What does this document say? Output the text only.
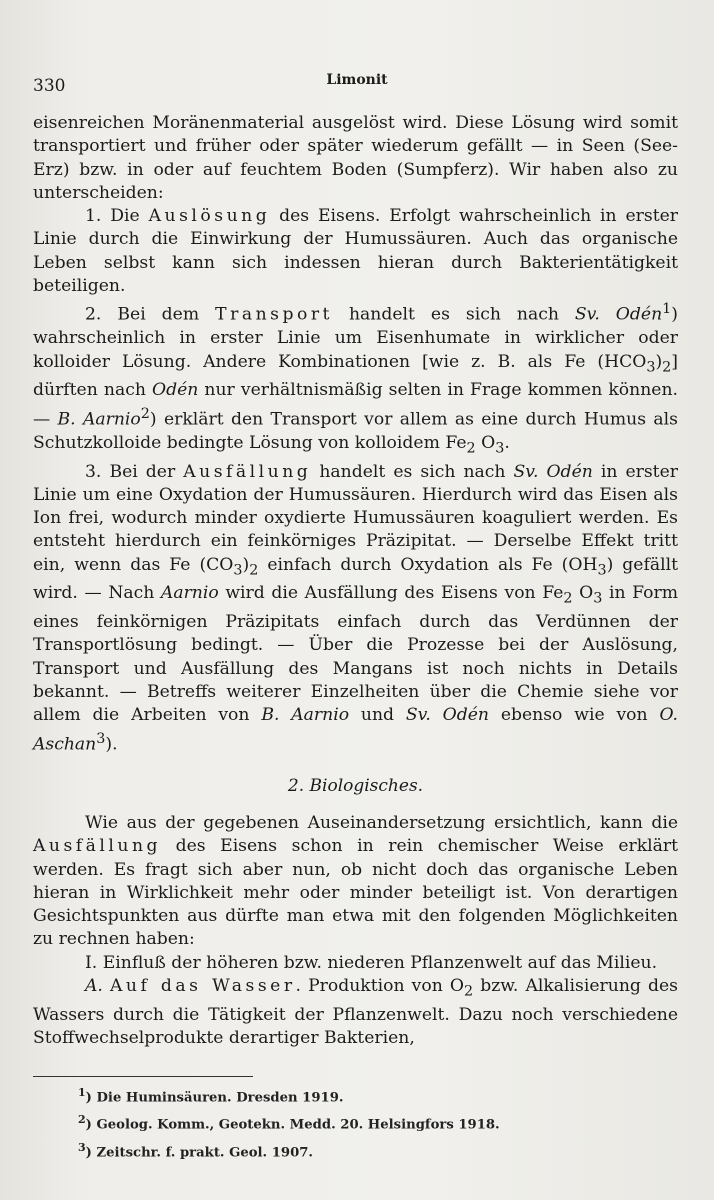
330	Limonit

eisenreichen Moränenmaterial ausgelöst wird. Diese Lösung wird somit transportiert und früher oder später wiederum gefällt — in Seen (See-Erz) bzw. in oder auf feuchtem Boden (Sumpferz). Wir haben also zu unterscheiden:

1. Die Auslösung des Eisens. Erfolgt wahrscheinlich in erster Linie durch die Einwirkung der Humussäuren. Auch das organische Leben selbst kann sich indessen hieran durch Bakterientätigkeit beteiligen.

2. Bei dem Transport handelt es sich nach Sv. Odén$^1$) wahrscheinlich in erster Linie um Eisenhumate in wirklicher oder kolloider Lösung. Andere Kombinationen [wie z. B. als Fe $(HCO_3)_2$] dürften nach Odén nur verhältnismäßig selten in Frage kommen können. — B. Aarnio$^2$) erklärt den Transport vor allem as eine durch Humus als Schutzkolloide bedingte Lösung von kolloidem $Fe_2$ $O_3$.

3. Bei der Ausfällung handelt es sich nach Sv. Odén in erster Linie um eine Oxydation der Humussäuren. Hierdurch wird das Eisen als Ion frei, wodurch minder oxydierte Humussäuren koaguliert werden. Es entsteht hierdurch ein feinkörniges Präzipitat. — Derselbe Effekt tritt ein, wenn das Fe $(CO_3)_2$ einfach durch Oxydation als Fe $(OH_3)$ gefällt wird. — Nach Aarnio wird die Ausfällung des Eisens von $Fe_2$ $O_3$ in Form eines feinkörnigen Präzipitats einfach durch das Verdünnen der Transportlösung bedingt. — Über die Prozesse bei der Auslösung, Transport und Ausfällung des Mangans ist noch nichts in Details bekannt. — Betreffs weiterer Einzelheiten über die Chemie siehe vor allem die Arbeiten von B. Aarnio und Sv. Odén ebenso wie von O. Aschan$^3$).

2. Biologisches.

Wie aus der gegebenen Auseinandersetzung ersichtlich, kann die Ausfällung des Eisens schon in rein chemischer Weise erklärt werden. Es fragt sich aber nun, ob nicht doch das organische Leben hieran in Wirklichkeit mehr oder minder beteiligt ist. Von derartigen Gesichtspunkten aus dürfte man etwa mit den folgenden Möglichkeiten zu rechnen haben:

I. Einfluß der höheren bzw. niederen Pflanzenwelt auf das Milieu.

A. Auf das Wasser. Produktion von $O_2$ bzw. Alkalisierung des Wassers durch die Tätigkeit der Pflanzenwelt. Dazu noch verschiedene Stoffwechselprodukte derartiger Bakterien,

$^1$) Die Huminsäuren. Dresden 1919.
$^2$) Geolog. Komm., Geotekn. Medd. 20. Helsingfors 1918.
$^3$) Zeitschr. f. prakt. Geol. 1907.
